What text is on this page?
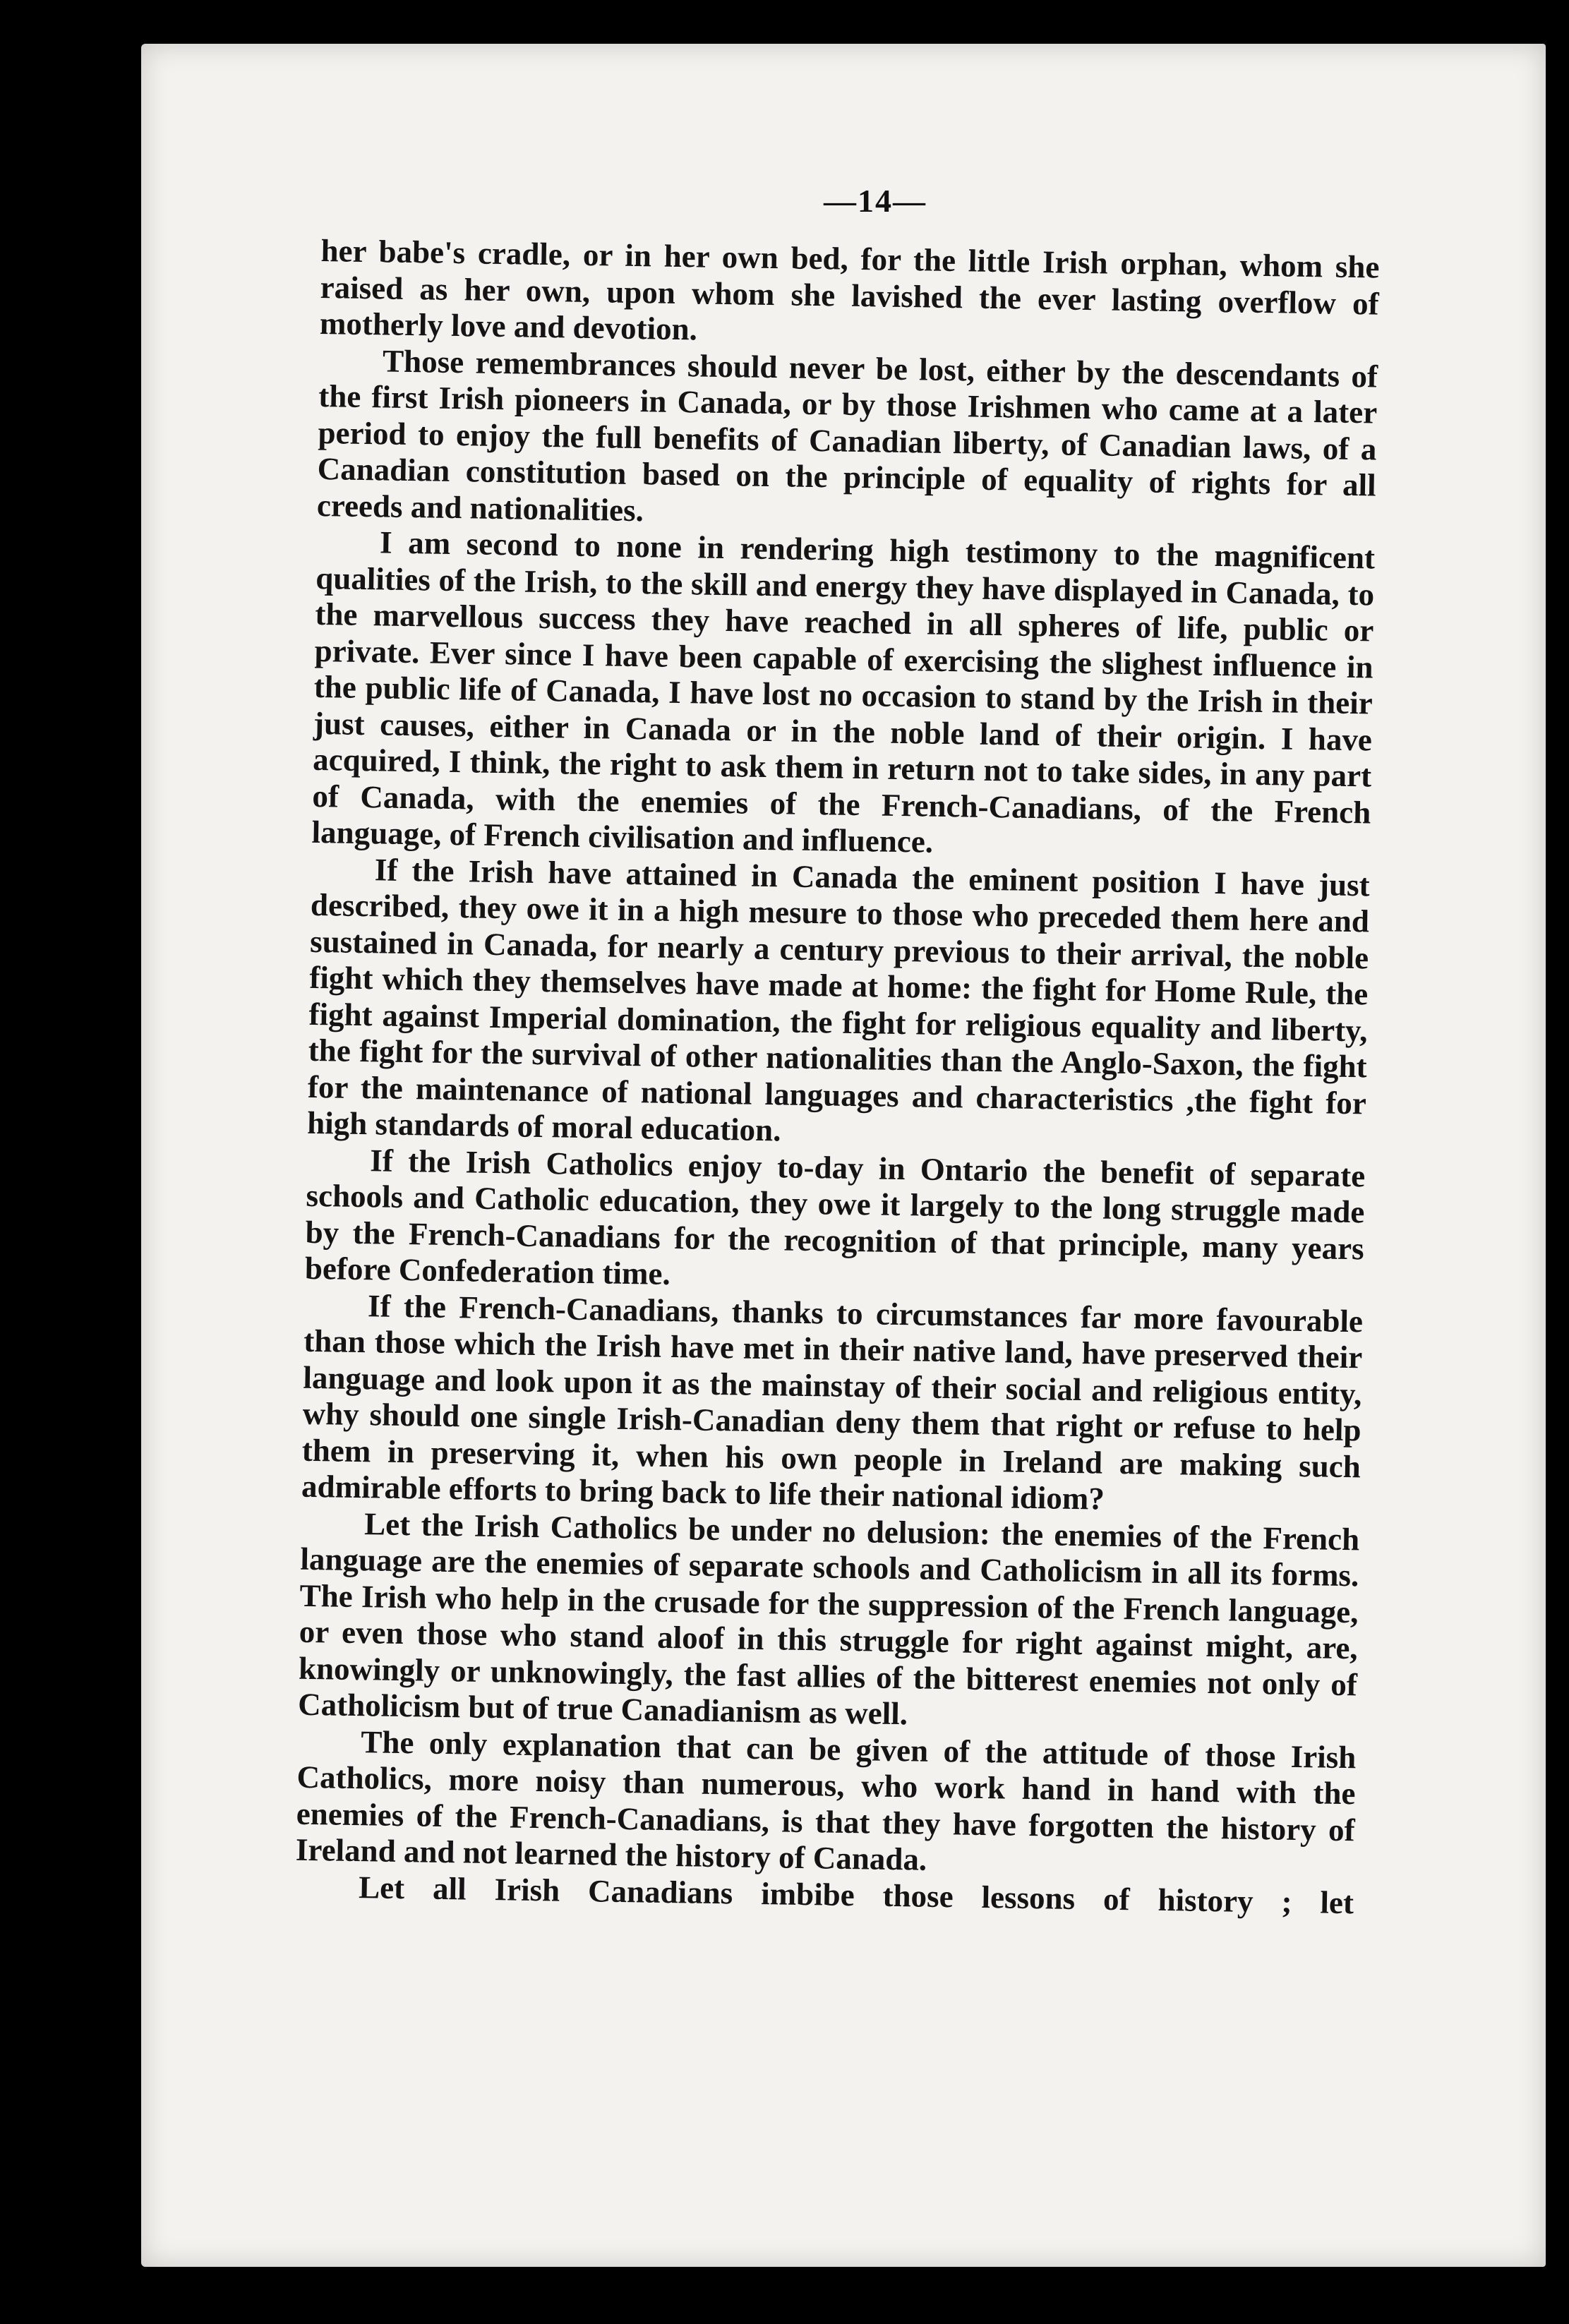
—14—

her babe's cradle, or in her own bed, for the little Irish orphan, whom she raised as her own, upon whom she lavished the ever lasting overflow of motherly love and devotion.

Those remembrances should never be lost, either by the descendants of the first Irish pioneers in Canada, or by those Irishmen who came at a later period to enjoy the full benefits of Canadian liberty, of Canadian laws, of a Canadian constitution based on the principle of equality of rights for all creeds and nationalities.

I am second to none in rendering high testimony to the magnificent qualities of the Irish, to the skill and energy they have displayed in Canada, to the marvellous success they have reached in all spheres of life, public or private. Ever since I have been capable of exercising the slighest influence in the public life of Canada, I have lost no occasion to stand by the Irish in their just causes, either in Canada or in the noble land of their origin. I have acquired, I think, the right to ask them in return not to take sides, in any part of Canada, with the enemies of the French-Canadians, of the French language, of French civilisation and influence.

If the Irish have attained in Canada the eminent position I have just described, they owe it in a high mesure to those who preceded them here and sustained in Canada, for nearly a century previous to their arrival, the noble fight which they themselves have made at home: the fight for Home Rule, the fight against Imperial domination, the fight for religious equality and liberty, the fight for the survival of other nationalities than the Anglo-Saxon, the fight for the maintenance of national languages and characteristics ,the fight for high standards of moral education.

If the Irish Catholics enjoy to-day in Ontario the benefit of separate schools and Catholic education, they owe it largely to the long struggle made by the French-Canadians for the recognition of that principle, many years before Confederation time.

If the French-Canadians, thanks to circumstances far more favourable than those which the Irish have met in their native land, have preserved their language and look upon it as the mainstay of their social and religious entity, why should one single Irish-Canadian deny them that right or refuse to help them in preserving it, when his own people in Ireland are making such admirable efforts to bring back to life their national idiom?

Let the Irish Catholics be under no delusion: the enemies of the French language are the enemies of separate schools and Catholicism in all its forms. The Irish who help in the crusade for the suppression of the French language, or even those who stand aloof in this struggle for right against might, are, knowingly or unknowingly, the fast allies of the bitterest enemies not only of Catholicism but of true Canadianism as well.

The only explanation that can be given of the attitude of those Irish Catholics, more noisy than numerous, who work hand in hand with the enemies of the French-Canadians, is that they have forgotten the history of Ireland and not learned the history of Canada.

Let all Irish Canadians imbibe those lessons of history ; let
